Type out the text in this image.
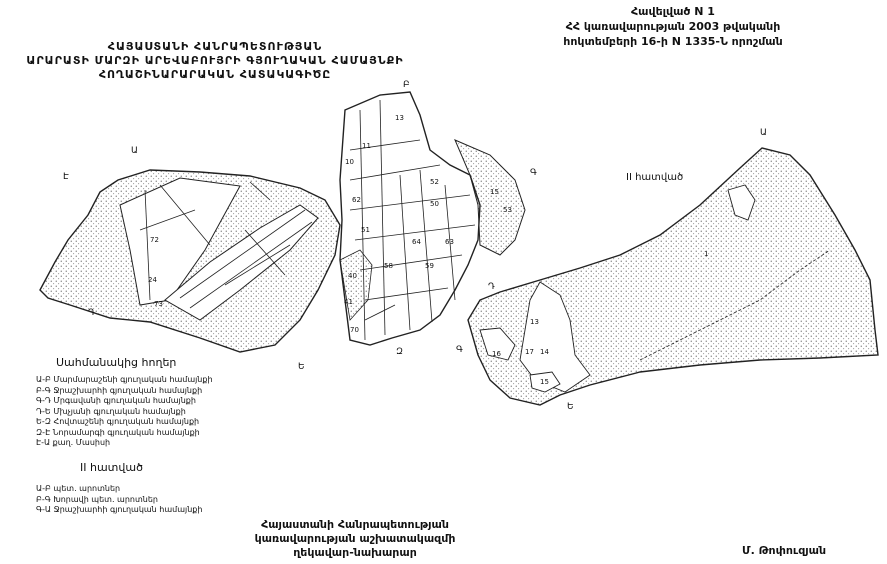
Հավելված N 1
ՀՀ կառավարության 2003 թվականի
հոկտեմբերի 16-ի N 1335-Ն որոշման
ՀԱՅԱՍՏԱՆԻ ՀԱՆՐԱՊԵՏՈՒԹՅԱՆ
ԱՐԱՐԱՏԻ ՄԱՐԶԻ ԱՐԵՎԱԲՈՒՅՐԻ ԳՅՈՒՂԱԿԱՆ ՀԱՄԱՅՆՔԻ
ՀՈՂԱՇԻՆԱՐԱՐԱԿԱՆ ՀԱՏԱԿԱԳԻԾԸ
Ա
Բ
Գ
Դ
Ե
Զ
Է
Ա
Գ
Դ
Ե
II հատված
72
24
73
13
11
10
15
53
50
62
52
51
58	59
63
64
40
41
70
1
13
14
16	17
15
Սահմանակից հողեր
Ա-Բ Մարմարաշենի գյուղական համայնքի
Բ-Գ Ջրաշխարհի գյուղական համայնքի
Գ-Դ Մրգավանի գյուղական համայնքի
Դ-Ե Մխչյանի գյուղական համայնքի
Ե-Զ Հովտաշենի գյուղական համայնքի
Զ-Է Նորամարգի գյուղական համայնքի
Է-Ա քաղ. Մասիսի
II հատված
Ա-Բ պետ. արոտներ
Բ-Գ Խորավի պետ. արոտներ
Գ-Ա Ջրաշխարհի գյուղական համայնքի
Հայաստանի Հանրապետության
կառավարության աշխատակազմի
ղեկավար-նախարար	Մ. Թոփուզյան
